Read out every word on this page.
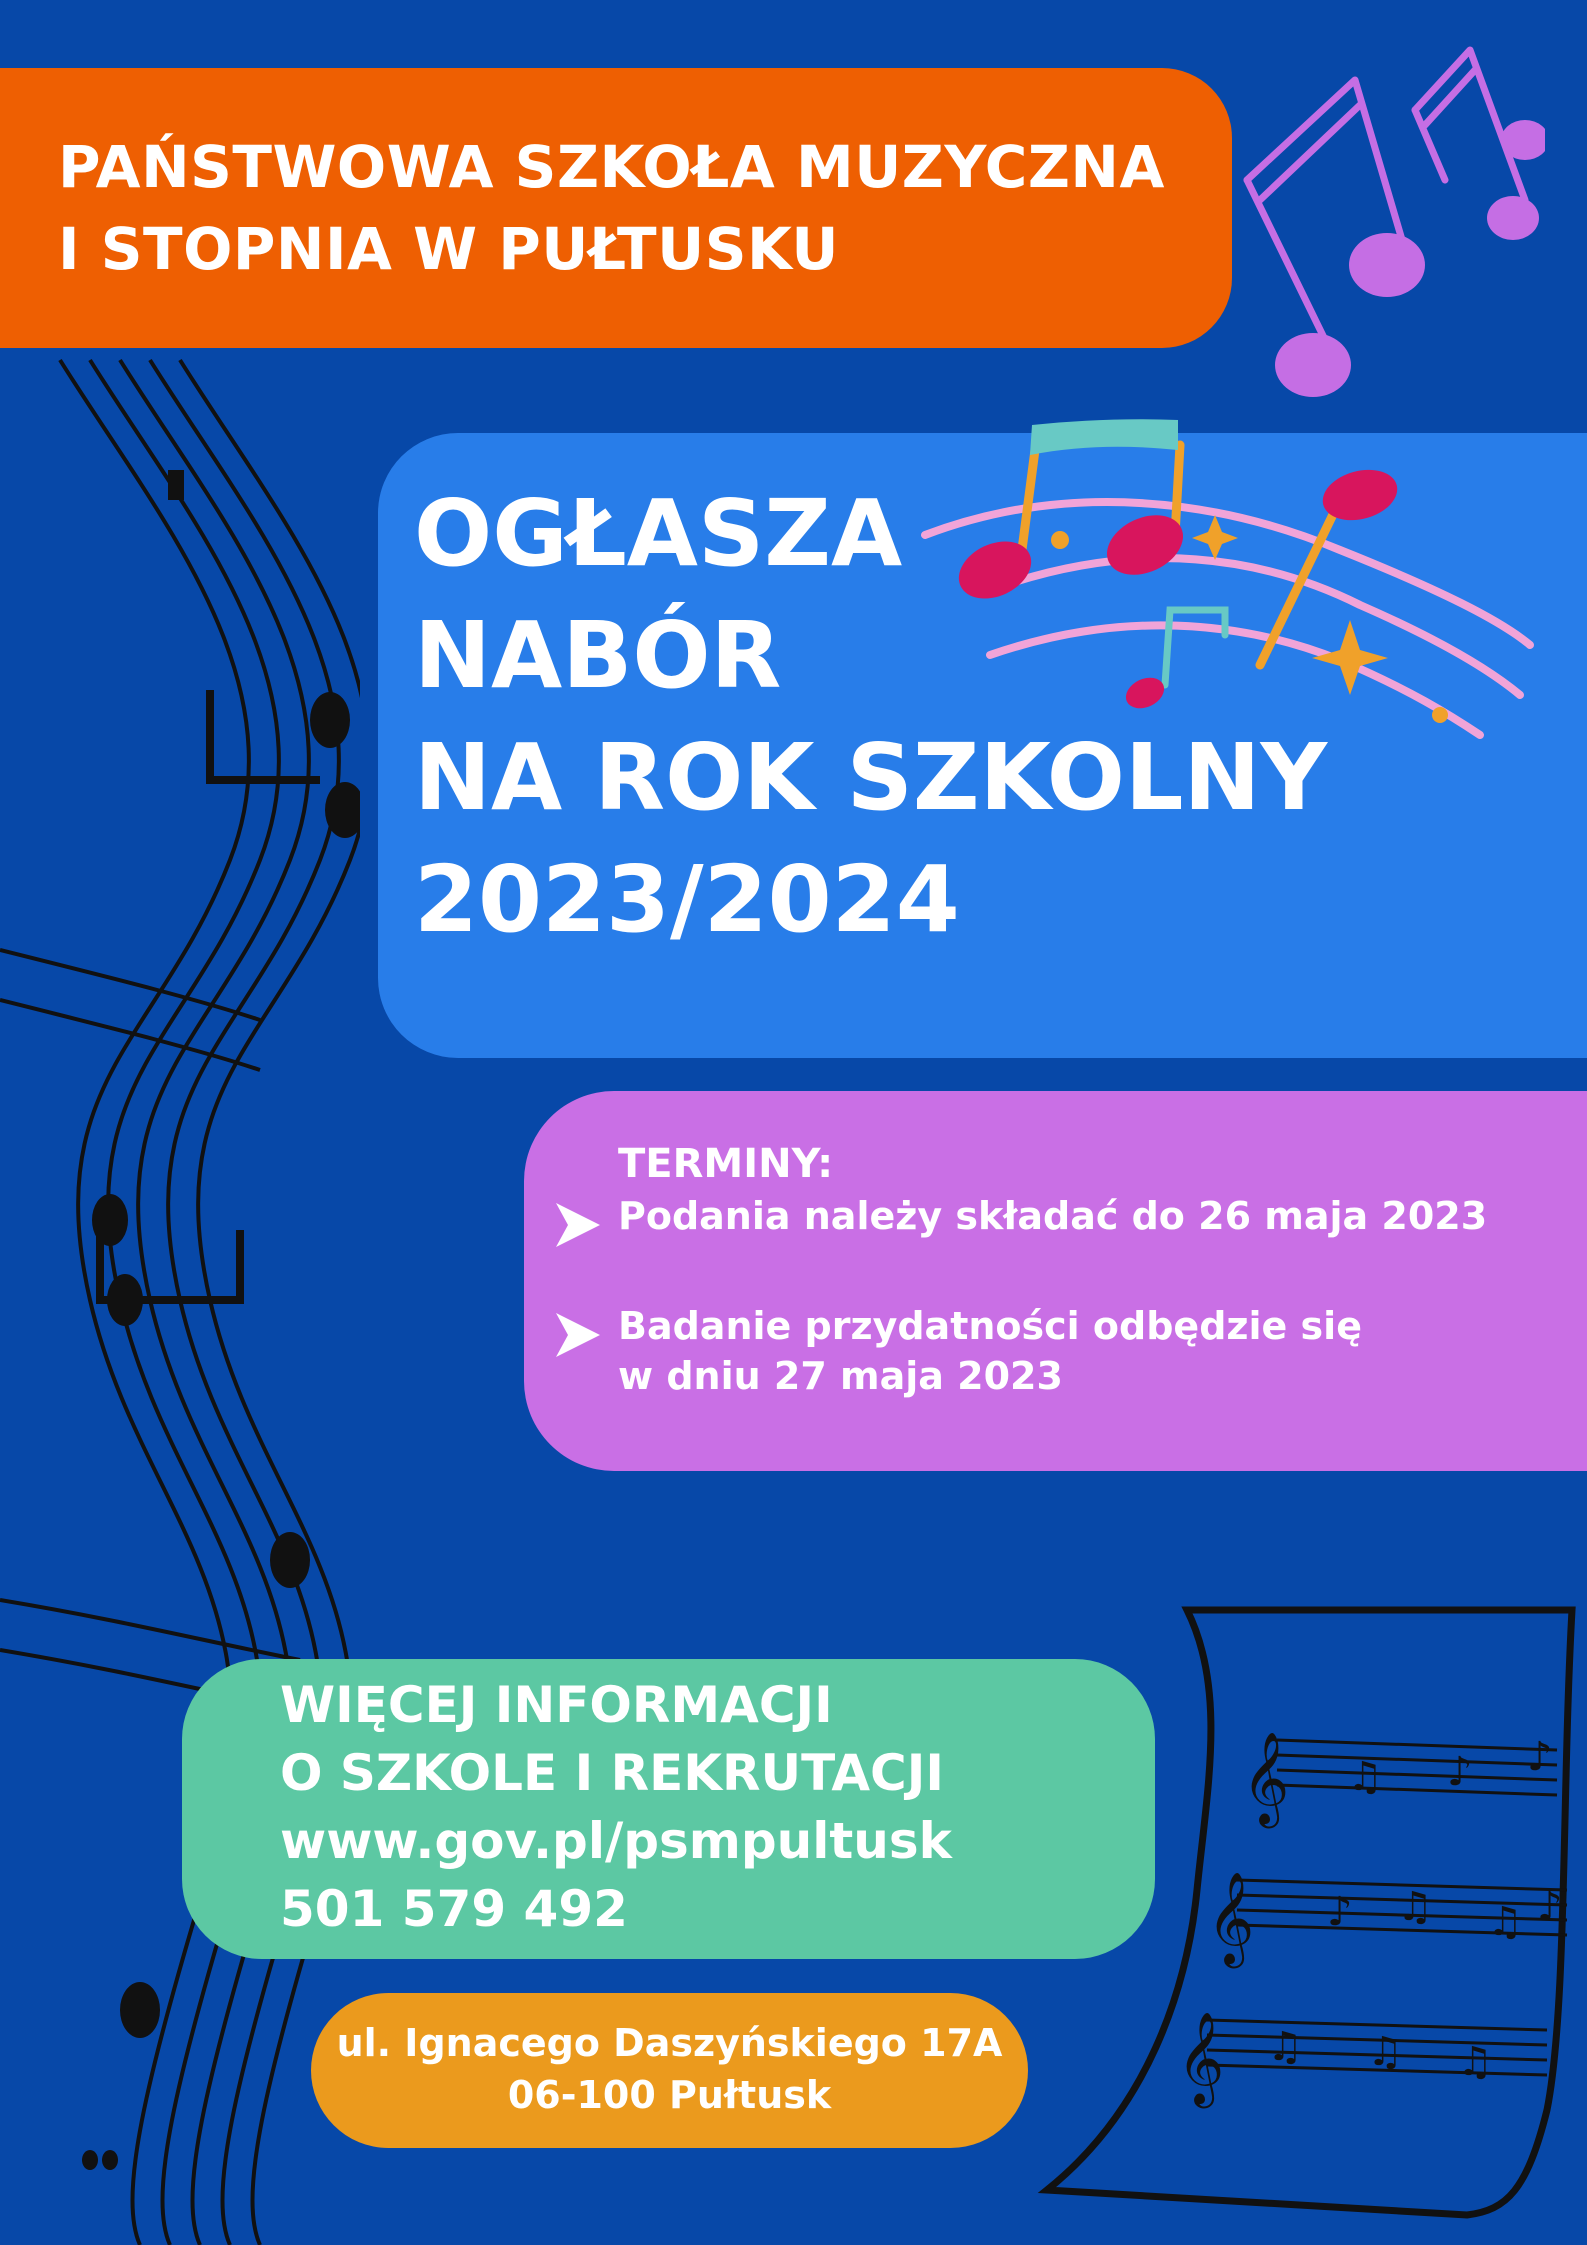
𝄞
𝄞
𝄞
♫ ♪ ♪
♪ ♫ ♫ ♪
♫ ♫ ♫
PAŃSTWOWA SZKOŁA MUZYCZNA
I STOPNIA W PUŁTUSKU
OGŁASZA
NABÓR
NA ROK SZKOLNY
2023/2024
TERMINY:
Podania należy składać do 26 maja 2023
Badanie przydatności odbędzie się
w dniu 27 maja 2023
WIĘCEJ INFORMACJI
O SZKOLE I REKRUTACJI
www.gov.pl/psmpultusk
501 579 492
ul. Ignacego Daszyńskiego 17A
06-100 Pułtusk
